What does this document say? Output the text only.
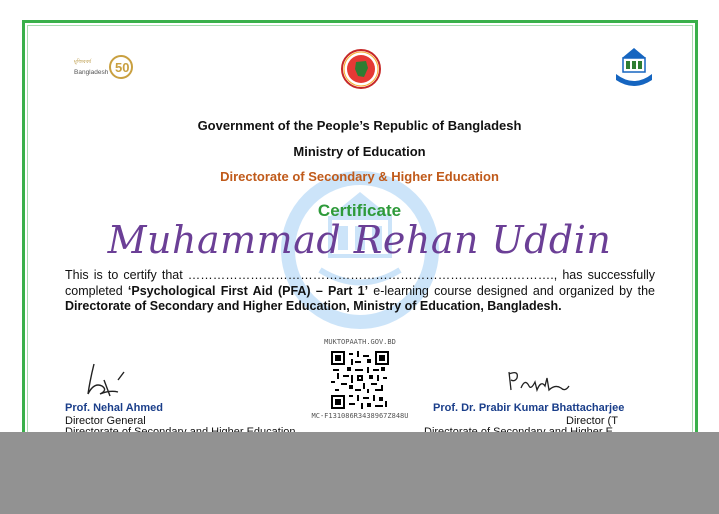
মুজিববর্ষ
Bangladesh 50
Government of the People’s Republic of Bangladesh
Ministry of Education
Directorate of Secondary & Higher Education
Certificate
Muhammad Rehan Uddin
This is to certify that ……………………………………………………………………………., has successfully completed ‘Psychological First Aid (PFA) – Part 1’ e-learning course designed and organized by the Directorate of Secondary and Higher Education, Ministry of Education, Bangladesh.
MUKTOPAATH.GOV.BD
MC-F131086R3438967Z848U
Prof. Nehal Ahmed
Director General
Prof. Dr. Prabir Kumar Bhattacharjee
Director (T
